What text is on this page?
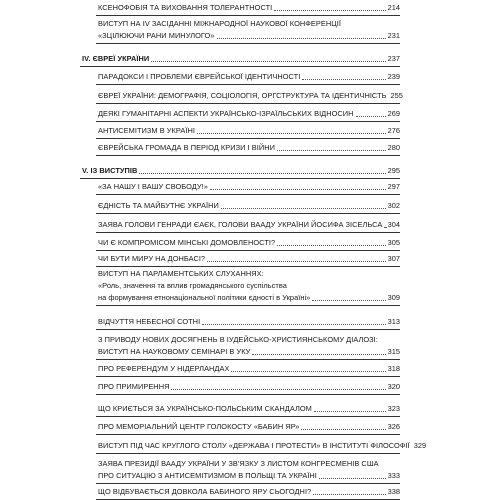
КСЕНОФОБІЯ ТА ВИХОВАННЯ ТОЛЕРАНТНОСТІ	214
ВИСТУП НА IV ЗАСІДАННІ МІЖНАРОДНОЇ НАУКОВОЇ КОНФЕРЕНЦІЇ
«ЗЦІЛЮЮЧИ РАНИ МИНУЛОГО»	231
IV. ЄВРЕЇ УКРАЇНИ	237
ПАРАДОКСИ І ПРОБЛЕМИ ЄВРЕЙСЬКОЇ ІДЕНТИЧНОСТІ	239
ЄВРЕЇ УКРАЇНИ: ДЕМОГРАФІЯ, СОЦІОЛОГІЯ, ОРГСТРУКТУРА ТА ІДЕНТИЧНІСТЬ 255
ДЕЯКІ ГУМАНІТАРНІ АСПЕКТИ УКРАЇНСЬКО-ІЗРАЇЛЬСЬКИХ ВІДНОСИН	269
АНТИСЕМІТИЗМ В УКРАЇНІ	276
ЄВРЕЙСЬКА ГРОМАДА В ПЕРІОД КРИЗИ І ВІЙНИ	280
V. ІЗ ВИСТУПІВ	295
«ЗА НАШУ І ВАШУ СВОБОДУ!»	297
ЄДНІСТЬ ТА МАЙБУТНЄ УКРАЇНИ	302
ЗАЯВА ГОЛОВИ ГЕНРАДИ ЄАЄК, ГОЛОВИ ВААДУ УКРАЇНИ ЙОСИФА ЗІСЕЛЬСА 304
ЧИ Є КОМПРОМІСОМ МІНСЬКІ ДОМОВЛЕНОСТІ?	305
ЧИ БУТИ МИРУ НА ДОНБАСІ?	307
ВИСТУП НА ПАРЛАМЕНТСЬКИХ СЛУХАННЯХ:
«Роль, значення та вплив громадянського суспільства
на формування етнонаціональної політики єдності в Україні»	309
ВІДЧУТТЯ НЕБЕСНОЇ СОТНІ	313
З ПРИВОДУ НОВИХ ДОСЯГНЕНЬ В ІУДЕЙСЬКО-ХРИСТИЯНСЬКОМУ ДІАЛОЗІ:
ВИСТУП НА НАУКОВОМУ СЕМІНАРІ В УКУ	315
ПРО РЕФЕРЕНДУМ У НІДЕРЛАНДАХ	318
ПРО ПРИМИРЕННЯ	320
ЩО КРИЄТЬСЯ ЗА УКРАЇНСЬКО-ПОЛЬСЬКИМ СКАНДАЛОМ	323
ПРО МЕМОРІАЛЬНИЙ ЦЕНТР ГОЛОКОСТУ «БАБИН ЯР»	326
ВИСТУП ПІД ЧАС КРУГЛОГО СТОЛУ «ДЕРЖАВА І ПРОТЕСТИ» В ІНСТИТУТІ ФІЛОСОФІЇ 329
ЗАЯВА ПРЕЗИДІЇ ВААДУ УКРАЇНИ У ЗВ'ЯЗКУ З ЛИСТОМ КОНГРЕСМЕНІВ США
ПРО СИТУАЦІЮ З АНТИСЕМІТИЗМОМ В ПОЛЬЩІ ТА УКРАЇНІ	333
ЩО ВІДБУВАЄТЬСЯ ДОВКОЛА БАБИНОГО ЯРУ СЬОГОДНІ?	338
